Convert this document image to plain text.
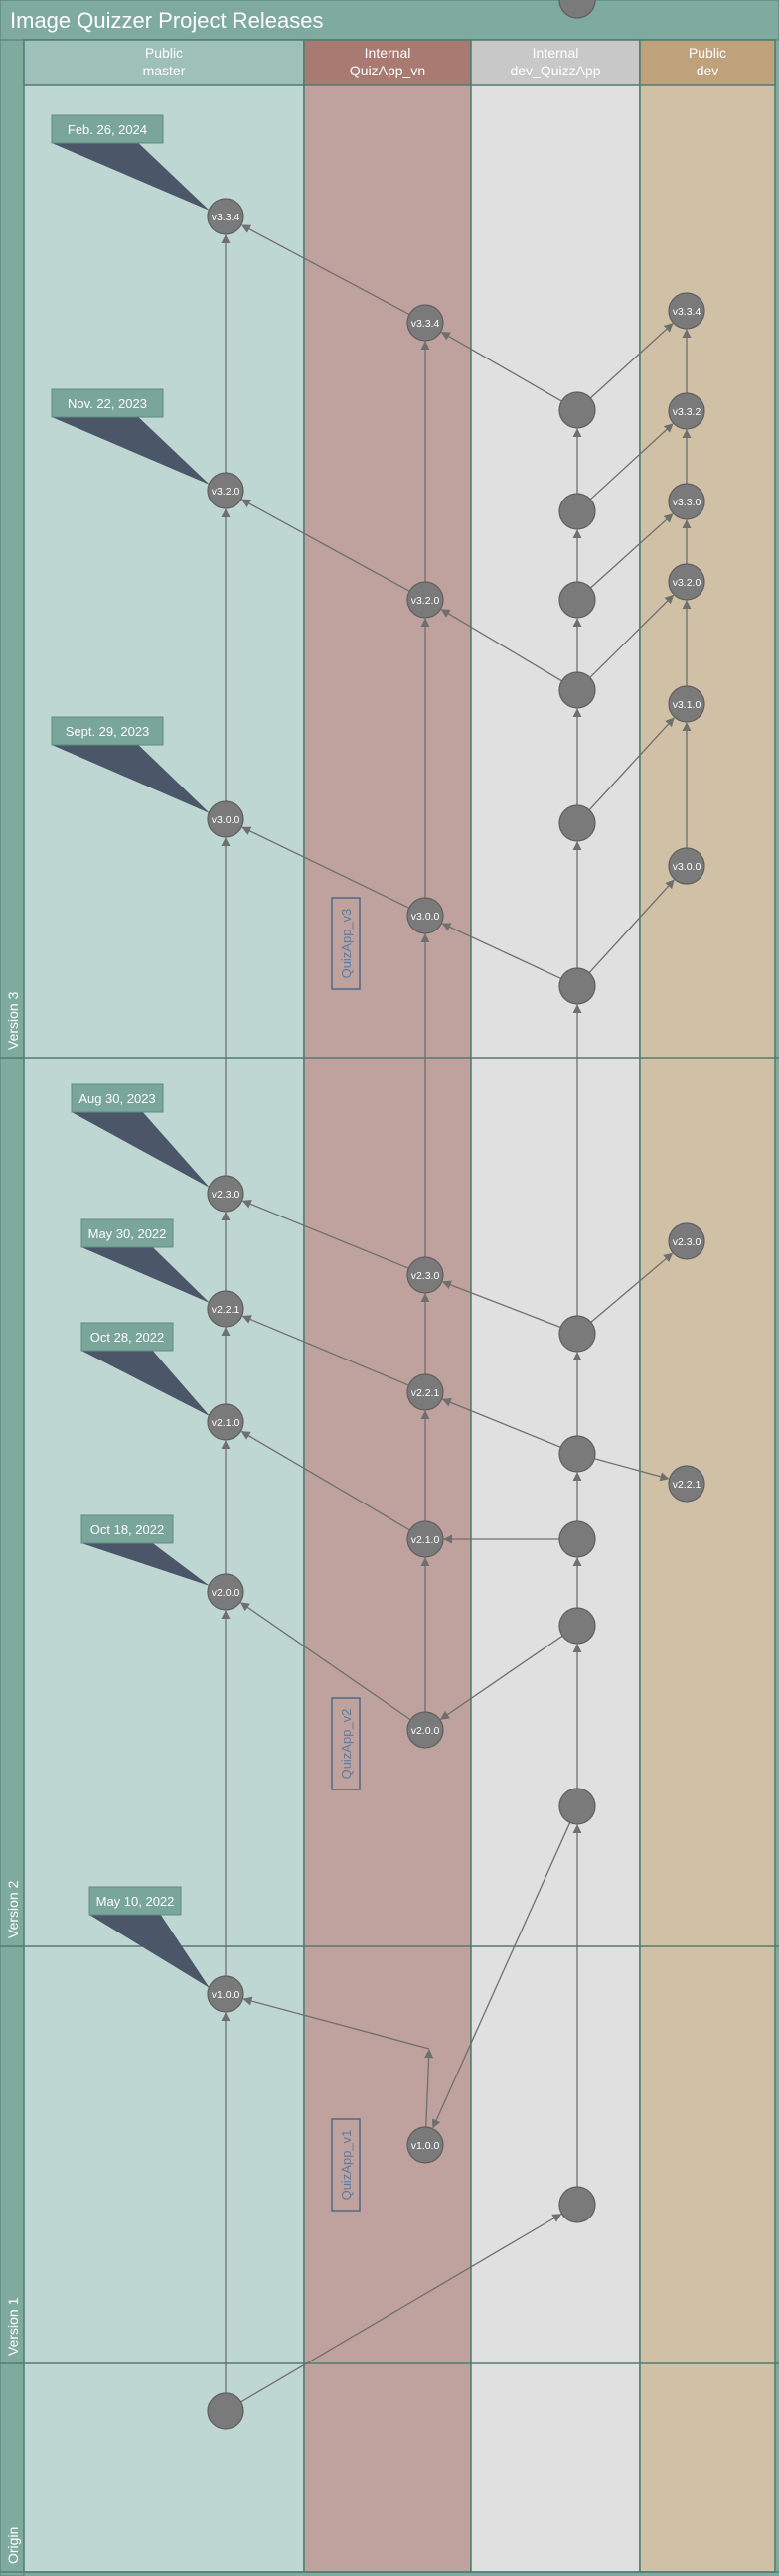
Image Quizzer Project Releases
Public
master
Internal
QuizApp_vn
Internal
dev_QuizzApp
Public
dev
Version 3
Version 2
Version 1
Origin
QuizApp_v3
QuizApp_v2
QuizApp_v1
Feb. 26, 2024
Nov. 22, 2023
Sept. 29, 2023
Aug 30, 2023
May 30, 2022
Oct 28, 2022
Oct 18, 2022
May 10, 2022
v3.3.4
v3.2.0
v3.0.0
v2.3.0
v2.2.1
v2.1.0
v2.0.0
v1.0.0
v3.3.4
v3.2.0
v3.0.0
v2.3.0
v2.2.1
v2.1.0
v2.0.0
v1.0.0
v3.3.4
v3.3.2
v3.3.0
v3.2.0
v3.1.0
v3.0.0
v2.3.0
v2.2.1
